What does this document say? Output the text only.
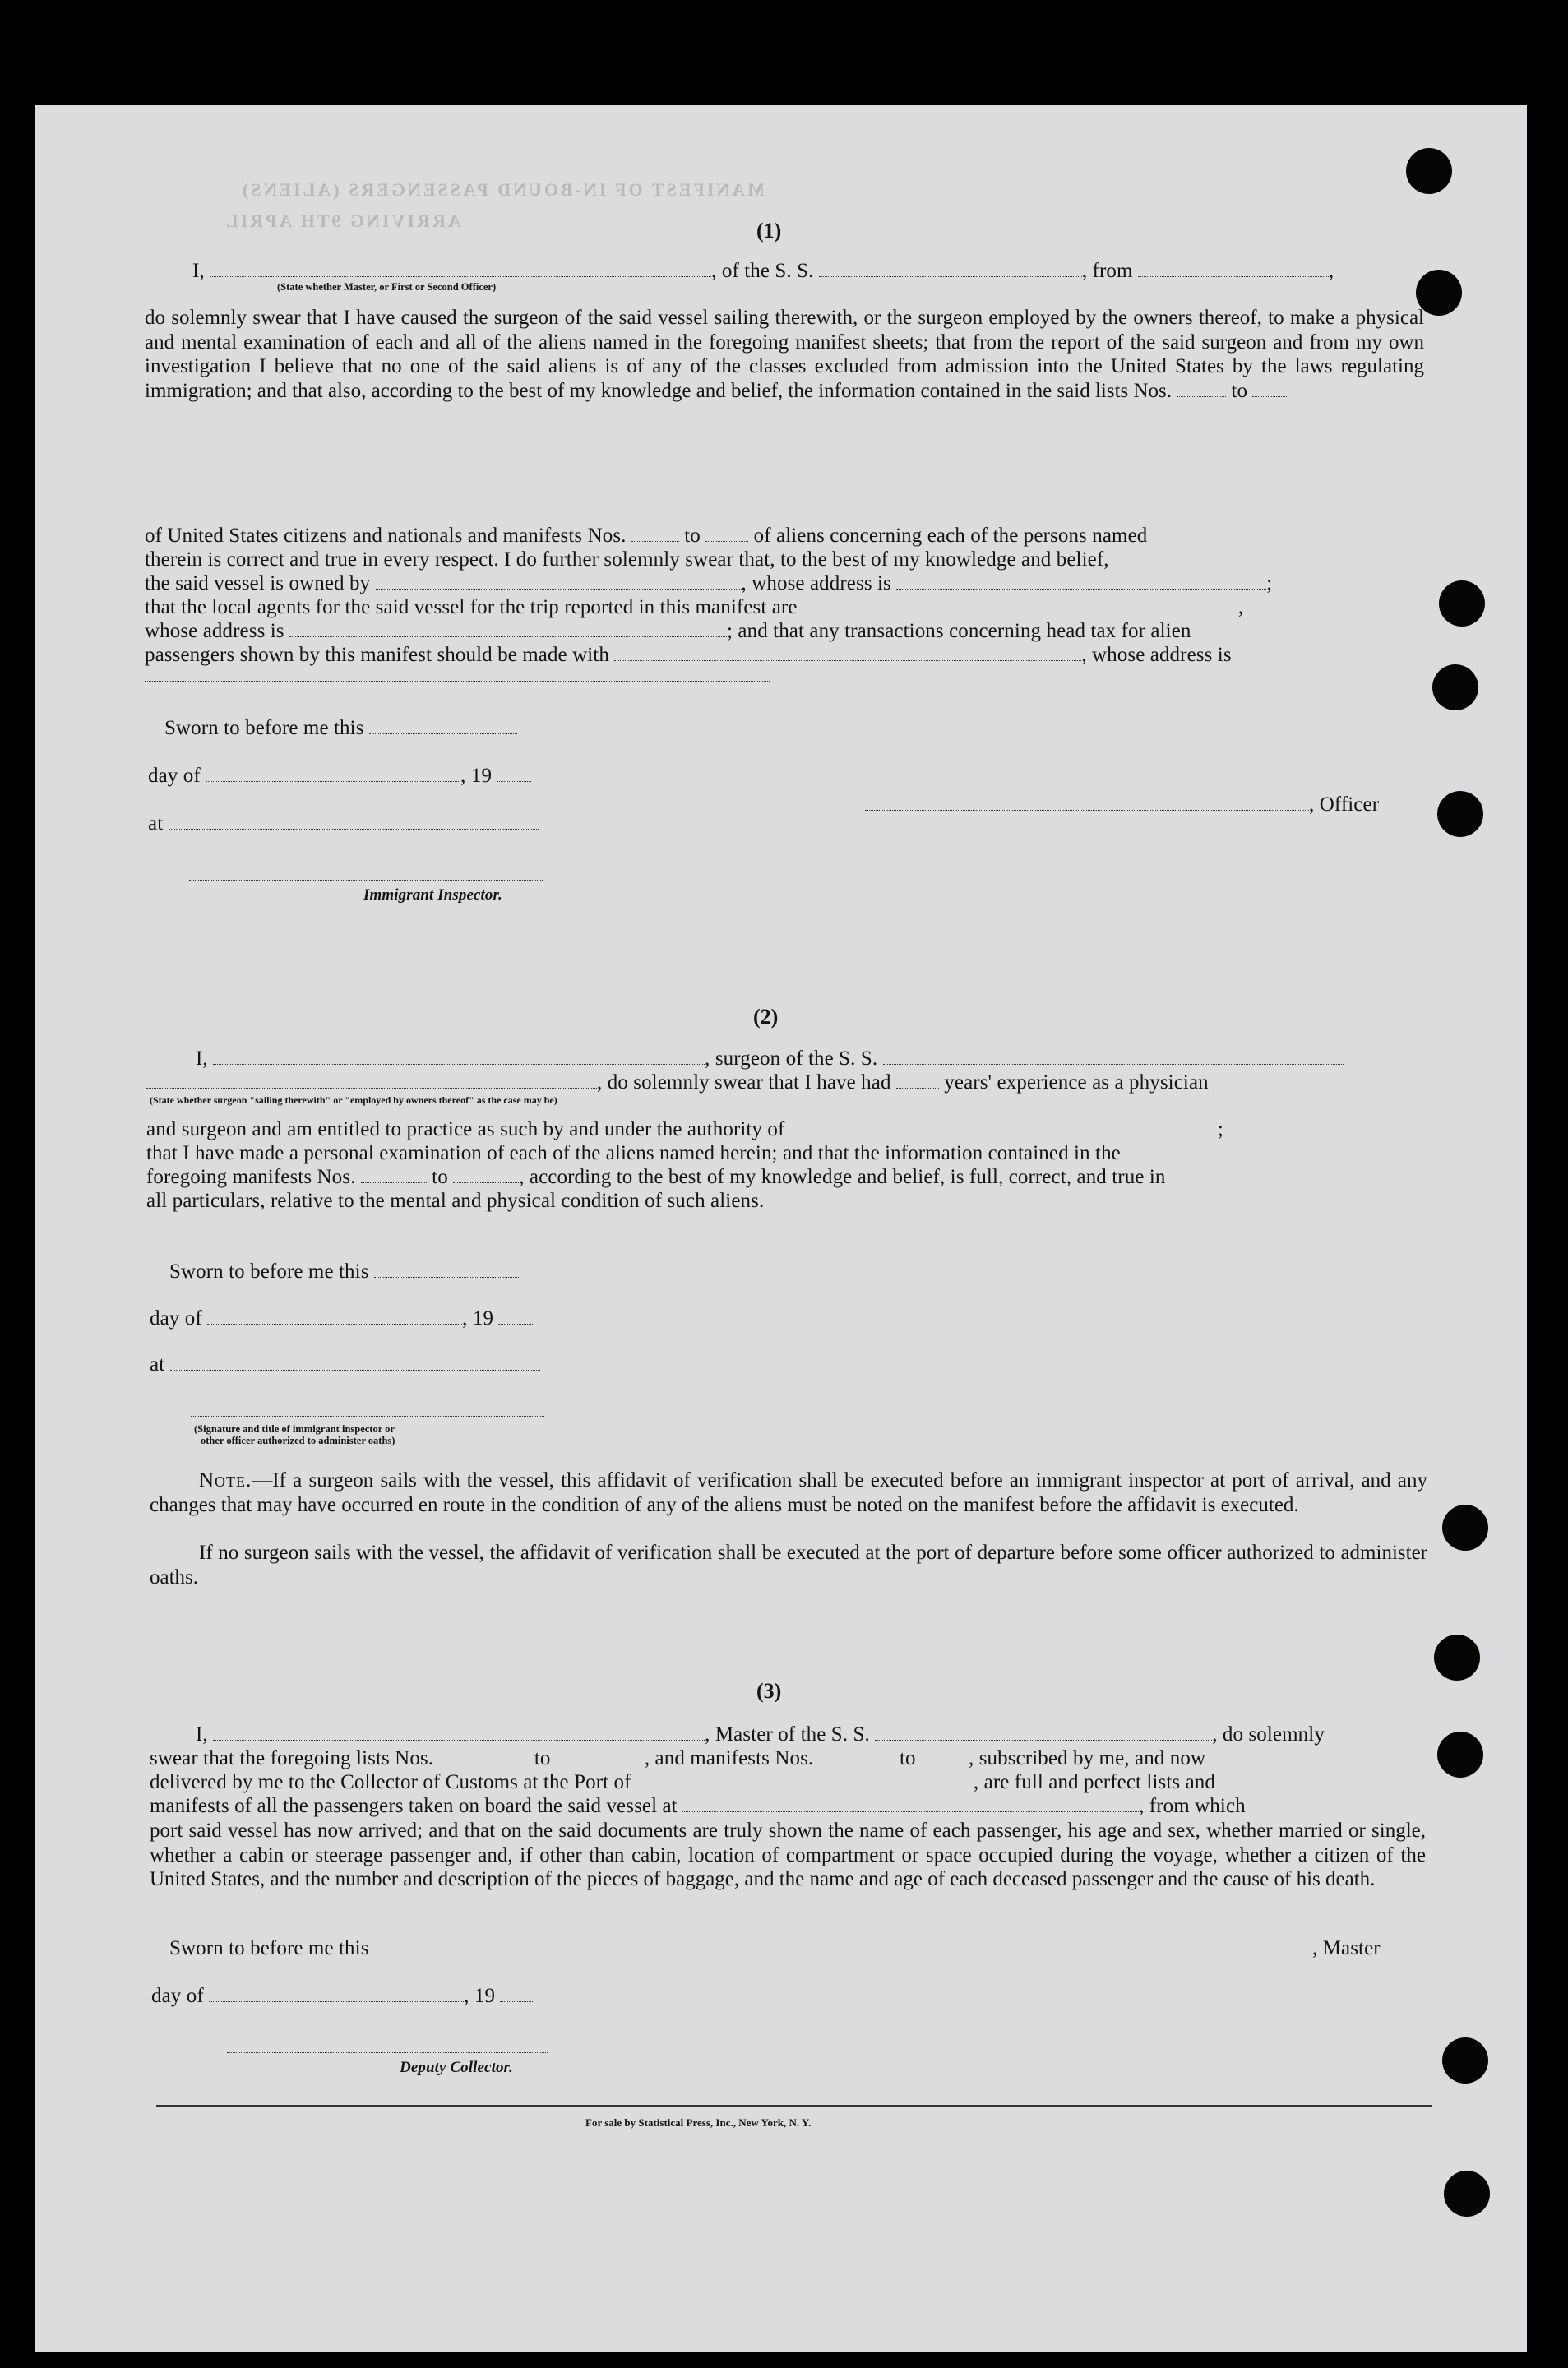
MANIFEST OF IN-BOUND PASSENGERS (ALIENS)
ARRIVING 9TH APRIL	(1)
I,	, of the S. S.	, from	,
(State whether Master, or First or Second Officer)
do solemnly swear that I have caused the surgeon of the said vessel sailing therewith, or the surgeon employed by the owners thereof, to make a physical and mental examination of each and all of the aliens named in the foregoing manifest sheets; that from the report of the said surgeon and from my own investigation I believe that no one of the said aliens is of any of the classes excluded from admission into the United States by the laws regulating immigration; and that also, according to the best of my knowledge and belief, the information contained in the said lists Nos.	to
of United States citizens and nationals and manifests Nos.	to	of aliens concerning each of the persons named
therein is correct and true in every respect. I do further solemnly swear that, to the best of my knowledge and belief,
the said vessel is owned by	, whose address is	;
that the local agents for the said vessel for the trip reported in this manifest are	,
whose address is	; and that any transactions concerning head tax for alien
passengers shown by this manifest should be made with	, whose address is
Sworn to before me this
day of	, 19
at
Immigrant Inspector.
, Officer
(2)
I,	, surgeon of the S. S.
, do solemnly swear that I have had	years' experience as a physician
(State whether surgeon "sailing therewith" or "employed by owners thereof" as the case may be)
and surgeon and am entitled to practice as such by and under the authority of	;
that I have made a personal examination of each of the aliens named herein; and that the information contained in the
foregoing manifests Nos.	to	, according to the best of my knowledge and belief, is full, correct, and true in
all particulars, relative to the mental and physical condition of such aliens.
Sworn to before me this
day of	, 19
at
(Signature and title of immigrant inspector or
other officer authorized to administer oaths)
Note.—If a surgeon sails with the vessel, this affidavit of verification shall be executed before an immigrant inspector at port of arrival, and any changes that may have occurred en route in the condition of any of the aliens must be noted on the manifest before the affidavit is executed.
If no surgeon sails with the vessel, the affidavit of verification shall be executed at the port of departure before some officer authorized to administer oaths.
(3)
I,	, Master of the S. S.	, do solemnly
swear that the foregoing lists Nos.	to	, and manifests Nos.	to	, subscribed by me, and now
delivered by me to the Collector of Customs at the Port of	, are full and perfect lists and
manifests of all the passengers taken on board the said vessel at	, from which
port said vessel has now arrived; and that on the said documents are truly shown the name of each passenger, his age and sex, whether married or single, whether a cabin or steerage passenger and, if other than cabin, location of compartment or space occupied during the voyage, whether a citizen of the United States, and the number and description of the pieces of baggage, and the name and age of each deceased passenger and the cause of his death.
Sworn to before me this	, Master
day of	, 19
Deputy Collector.
For sale by Statistical Press, Inc., New York, N. Y.
